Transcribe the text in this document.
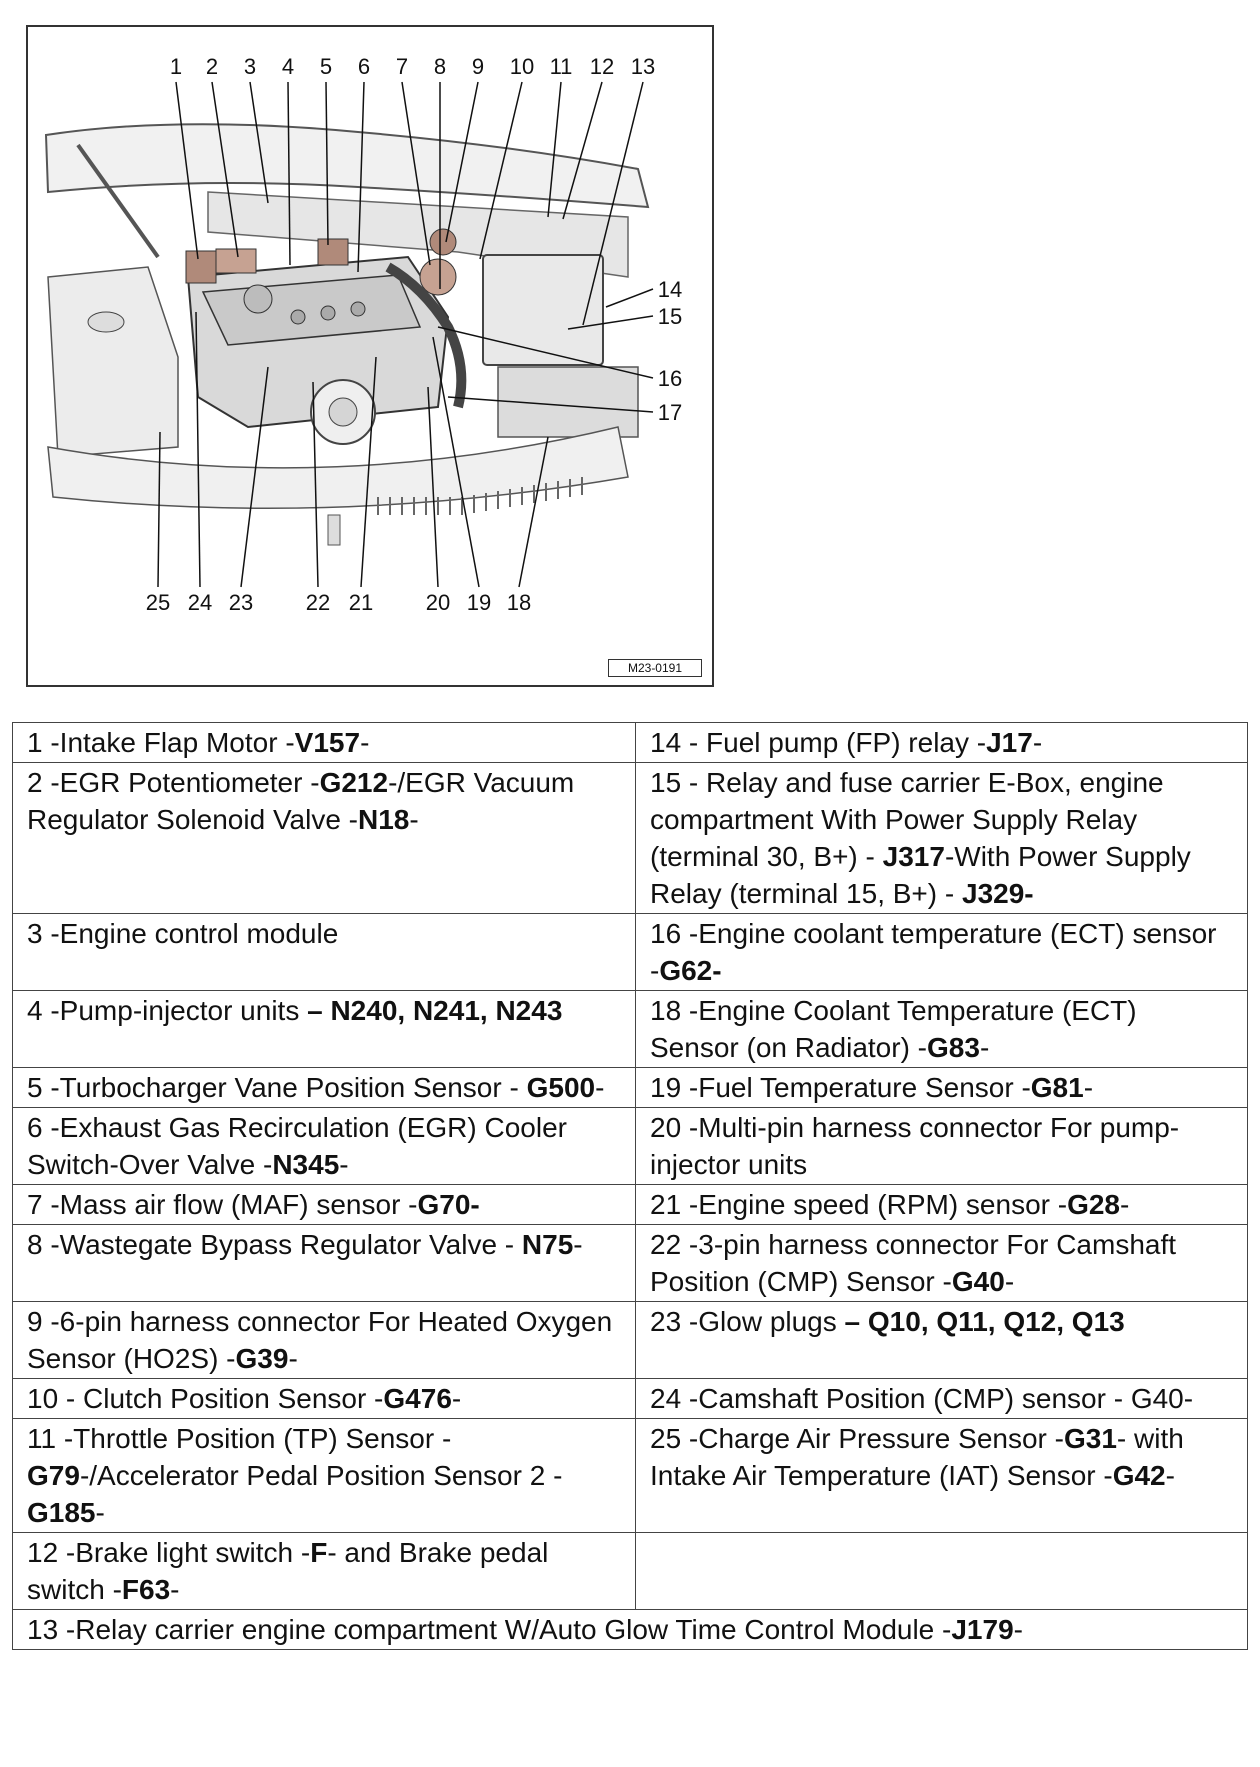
1 2 3 4 5 6 7 8 9 10 11 12 13
14
15
16
17
25 24 23 22 21 20 19 18
M23-0191
1 -Intake Flap Motor -V157-	14 - Fuel pump (FP) relay -J17-
2 -EGR Potentiometer -G212-/EGR Vacuum Regulator Solenoid Valve -N18-	15 - Relay and fuse carrier E-Box, engine compartment With Power Supply Relay (terminal 30, B+) - J317-With Power Supply Relay (terminal 15, B+) - J329-
3 -Engine control module	16 -Engine coolant temperature (ECT) sensor -G62-
4 -Pump-injector units – N240, N241, N243	18 -Engine Coolant Temperature (ECT) Sensor (on Radiator) -G83-
5 -Turbocharger Vane Position Sensor - G500-	19 -Fuel Temperature Sensor -G81-
6 -Exhaust Gas Recirculation (EGR) Cooler Switch-Over Valve -N345-	20 -Multi-pin harness connector For pump-injector units
7 -Mass air flow (MAF) sensor -G70-	21 -Engine speed (RPM) sensor -G28-
8 -Wastegate Bypass Regulator Valve - N75-	22 -3-pin harness connector For Camshaft Position (CMP) Sensor -G40-
9 -6-pin harness connector For Heated Oxygen Sensor (HO2S) -G39-	23 -Glow plugs – Q10, Q11, Q12, Q13
10 - Clutch Position Sensor -G476-	24 -Camshaft Position (CMP) sensor - G40-
11 -Throttle Position (TP) Sensor -G79-/Accelerator Pedal Position Sensor 2 - G185-	25 -Charge Air Pressure Sensor -G31- with Intake Air Temperature (IAT) Sensor -G42-
12 -Brake light switch -F- and Brake pedal switch -F63-	
13 -Relay carrier engine compartment W/Auto Glow Time Control Module -J179-	
